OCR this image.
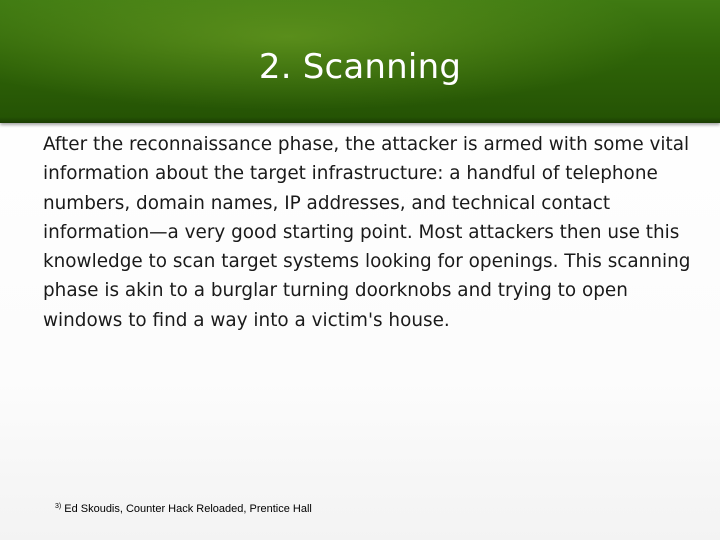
2. Scanning

After the reconnaissance phase, the attacker is armed with some vital information about the target infrastructure: a handful of telephone numbers, domain names, IP addresses, and technical contact information—a very good starting point. Most attackers then use this knowledge to scan target systems looking for openings. This scanning phase is akin to a burglar turning doorknobs and trying to open windows to find a way into a victim's house.

$^{3)}$ Ed Skoudis, Counter Hack Reloaded, Prentice Hall
